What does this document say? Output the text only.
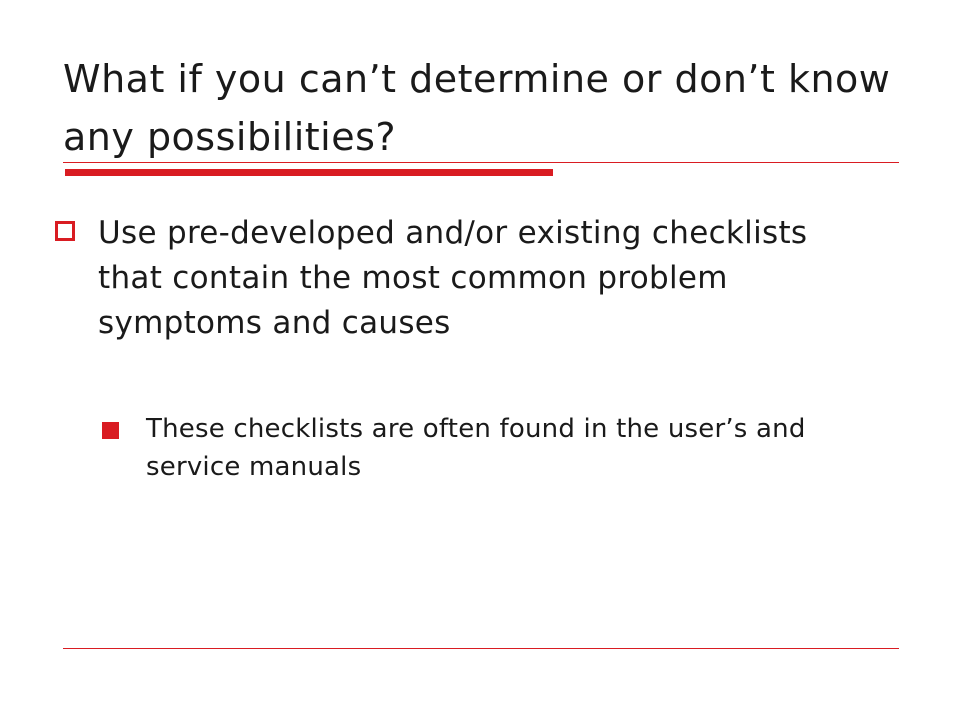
What if you can’t determine or don’t know any possibilities?
Use pre-developed and/or existing checklists that contain the most common problem symptoms and causes
These checklists are often found in the user’s and service manuals
